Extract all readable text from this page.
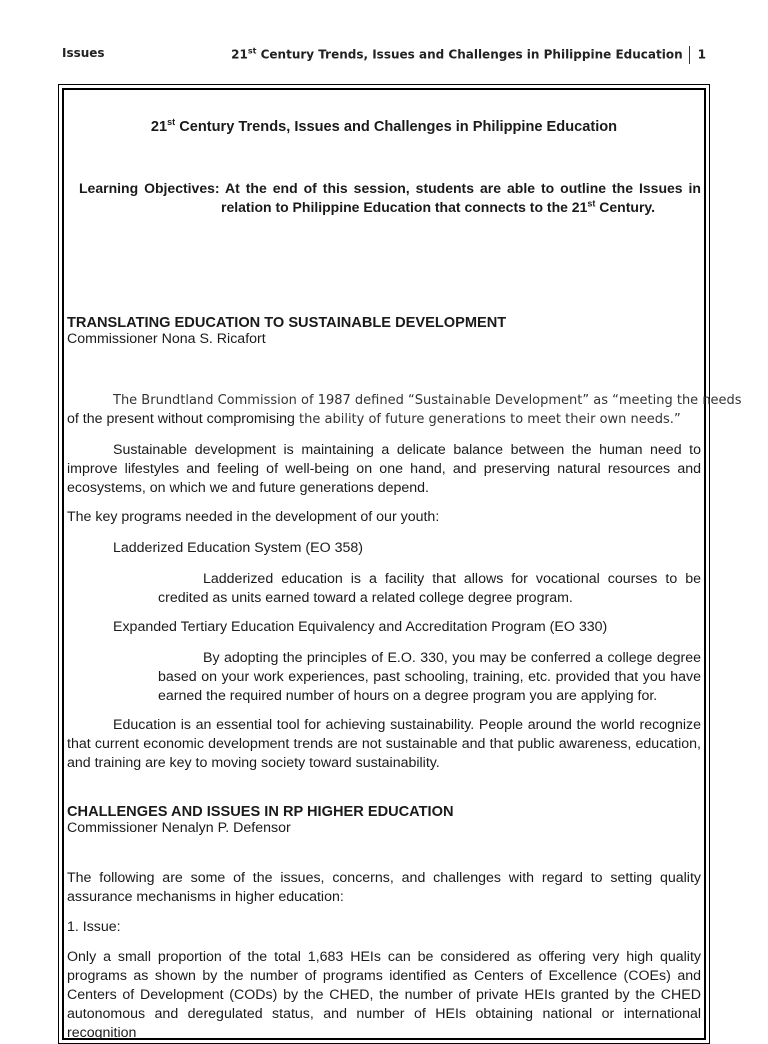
Issues	21st Century Trends, Issues and Challenges in Philippine Education 1
21st Century Trends, Issues and Challenges in Philippine Education
Learning Objectives: At the end of this session, students are able to outline the Issues in
relation to Philippine Education that connects to the 21st Century.
TRANSLATING EDUCATION TO SUSTAINABLE DEVELOPMENT
Commissioner Nona S. Ricafort
The Brundtland Commission of 1987 defined “Sustainable Development” as “meeting the needs
of the present without compromising the ability of future generations to meet their own needs.”
Sustainable development is maintaining a delicate balance between the human need to improve lifestyles and feeling of well-being on one hand, and preserving natural resources and ecosystems, on which we and future generations depend.
The key programs needed in the development of our youth:
Ladderized Education System (EO 358)
Ladderized education is a facility that allows for vocational courses to be credited as units earned toward a related college degree program.
Expanded Tertiary Education Equivalency and Accreditation Program (EO 330)
By adopting the principles of E.O. 330, you may be conferred a college degree based on your work experiences, past schooling, training, etc. provided that you have earned the required number of hours on a degree program you are applying for.
Education is an essential tool for achieving sustainability. People around the world recognize that current economic development trends are not sustainable and that public awareness, education, and training are key to moving society toward sustainability.
CHALLENGES AND ISSUES IN RP HIGHER EDUCATION
Commissioner Nenalyn P. Defensor
The following are some of the issues, concerns, and challenges with regard to setting quality assurance mechanisms in higher education:
1. Issue:
Only a small proportion of the total 1,683 HEIs can be considered as offering very high quality programs as shown by the number of programs identified as Centers of Excellence (COEs) and Centers of Development (CODs) by the CHED, the number of private HEIs granted by the CHED autonomous and deregulated status, and number of HEIs obtaining national or international recognition
